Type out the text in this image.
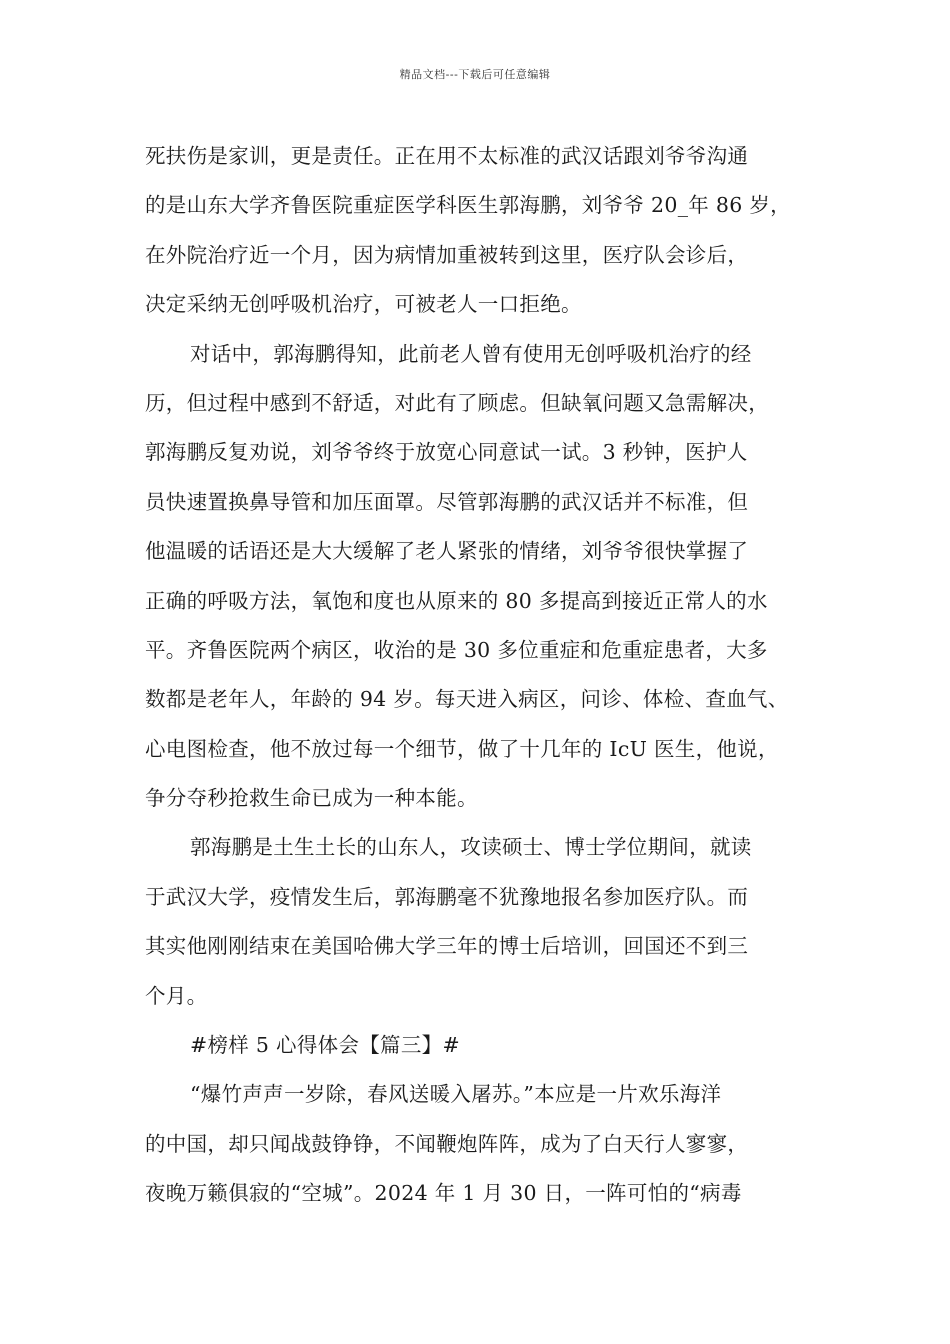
精品文档---下载后可任意编辑
死扶伤是家训，更是责任。正在用不太标准的武汉话跟刘爷爷沟通
的是山东大学齐鲁医院重症医学科医生郭海鹏，刘爷爷 20_年 86 岁，
在外院治疗近一个月，因为病情加重被转到这里，医疗队会诊后，
决定采纳无创呼吸机治疗，可被老人一口拒绝。
对话中，郭海鹏得知，此前老人曾有使用无创呼吸机治疗的经
历，但过程中感到不舒适，对此有了顾虑。但缺氧问题又急需解决，
郭海鹏反复劝说，刘爷爷终于放宽心同意试一试。3 秒钟，医护人
员快速置换鼻导管和加压面罩。尽管郭海鹏的武汉话并不标准，但
他温暖的话语还是大大缓解了老人紧张的情绪，刘爷爷很快掌握了
正确的呼吸方法，氧饱和度也从原来的 80 多提高到接近正常人的水
平。齐鲁医院两个病区，收治的是 30 多位重症和危重症患者，大多
数都是老年人，年龄的 94 岁。每天进入病区，问诊、体检、查血气、
心电图检查，他不放过每一个细节，做了十几年的 IcU 医生，他说，
争分夺秒抢救生命已成为一种本能。
郭海鹏是土生土长的山东人，攻读硕士、博士学位期间，就读
于武汉大学，疫情发生后，郭海鹏毫不犹豫地报名参加医疗队。而
其实他刚刚结束在美国哈佛大学三年的博士后培训，回国还不到三
个月。
#榜样 5 心得体会【篇三】#
“爆竹声声一岁除，春风送暖入屠苏。”本应是一片欢乐海洋
的中国，却只闻战鼓铮铮，不闻鞭炮阵阵，成为了白天行人寥寥，
夜晚万籁俱寂的“空城”。2024 年 1 月 30 日，一阵可怕的“病毒
